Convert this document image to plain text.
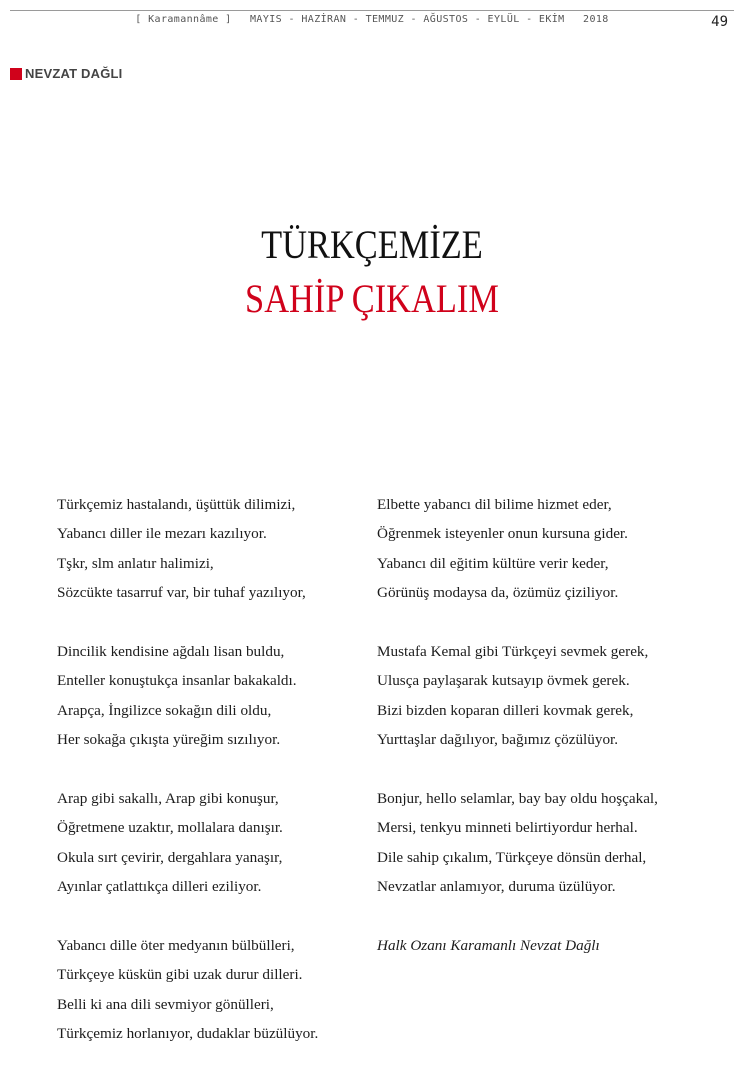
[ Karamannâme ] MAYIS - HAZİRAN - TEMMUZ - AĞUSTOS - EYLÜL - EKİM 2018	49
NEVZAT DAĞLI
TÜRKÇEMİZE
SAHİP ÇIKALIM
Türkçemiz hastalandı, üşüttük dilimizi,
Yabancı diller ile mezarı kazılıyor.
Tşkr, slm anlatır halimizi,
Sözcükte tasarruf var, bir tuhaf yazılıyor,
Dincilik kendisine ağdalı lisan buldu,
Enteller konuştukça insanlar bakakaldı.
Arapça, İngilizce sokağın dili oldu,
Her sokağa çıkışta yüreğim sızılıyor.
Arap gibi sakallı, Arap gibi konuşur,
Öğretmene uzaktır, mollalara danışır.
Okula sırt çevirir, dergahlara yanaşır,
Ayınlar çatlattıkça dilleri eziliyor.
Yabancı dille öter medyanın bülbülleri,
Türkçeye küskün gibi uzak durur dilleri.
Belli ki ana dili sevmiyor gönülleri,
Türkçemiz horlanıyor, dudaklar büzülüyor.
Elbette yabancı dil bilime hizmet eder,
Öğrenmek isteyenler onun kursuna gider.
Yabancı dil eğitim kültüre verir keder,
Görünüş modaysa da, özümüz çiziliyor.
Mustafa Kemal gibi Türkçeyi sevmek gerek,
Ulusça paylaşarak kutsayıp övmek gerek.
Bizi bizden koparan dilleri kovmak gerek,
Yurttaşlar dağılıyor, bağımız çözülüyor.
Bonjur, hello selamlar, bay bay oldu hoşçakal,
Mersi, tenkyu minneti belirtiyordur herhal.
Dile sahip çıkalım, Türkçeye dönsün derhal,
Nevzatlar anlamıyor, duruma üzülüyor.
Halk Ozanı Karamanlı Nevzat Dağlı
